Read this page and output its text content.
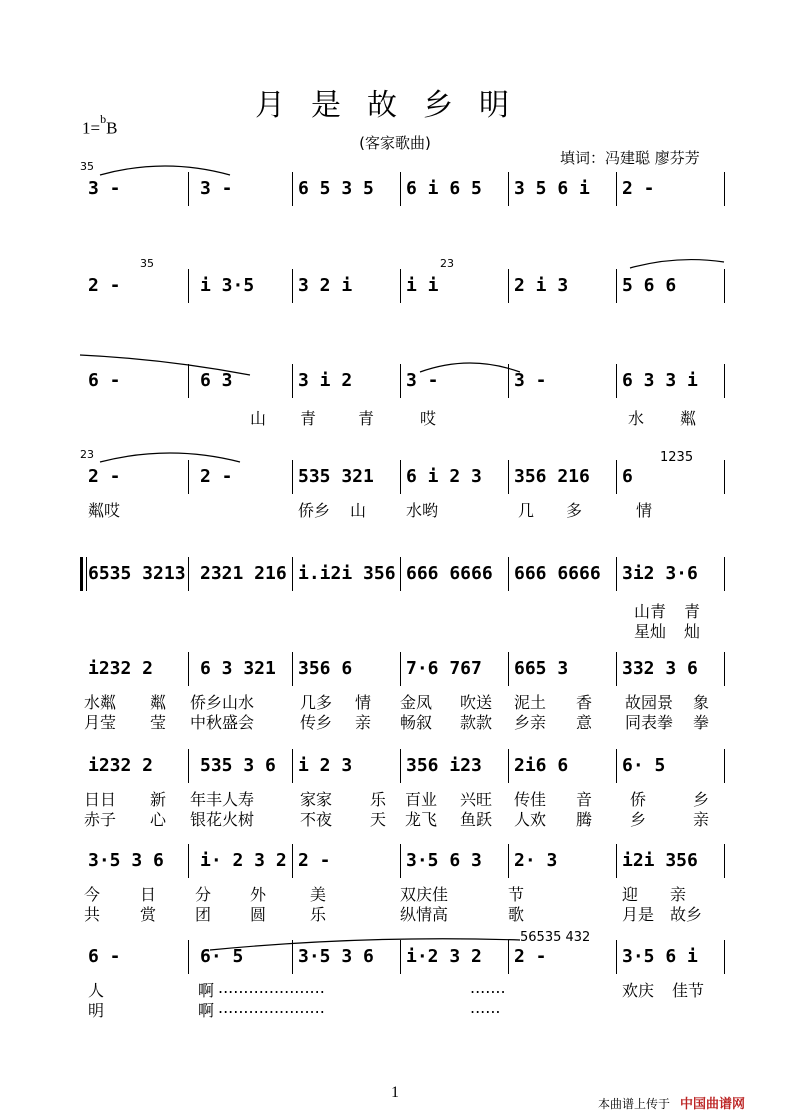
月是故乡明
1=$^b$B
(客家歌曲)
填词：冯建聪 廖芬芳
3 -	3 -	6 5 3 5 6 i 6 5 3 5 6 i 2 -
35
2 -	i 3·5 3 2 i	i i	2 i 3	5 6 6
35	23
6 -	6 3	3 i 2	3 -	3 -	6 3 3 i
山 青	青	哎	水 粼
2 -	2 -	535 321 6 i 2 3 356 216 6
23	1235
粼哎	侨乡 山 水哟	几 多	情
6535 3213 2321 216 i.i2i 356 666 6666 666 6666 3i2 3·6
山青 青
星灿 灿
i232 2	6 3 321 356 6	7·6 767 665 3	332 3 6
水粼 粼 侨乡山水	几多 情 金凤 吹送 泥土 香 故园景 象
月莹 莹 中秋盛会	传乡 亲 畅叙 款款 乡亲 意 同表拳 拳
i232 2	535 3 6 i 2 3	356 i23 2i6 6	6· 5
日日 新 年丰人寿	家家 乐 百业 兴旺 传佳 音 侨	乡
赤子 心 银花火树	不夜 天 龙飞 鱼跃 人欢 腾 乡	亲
3·5 3 6 i· 2 3 2 2 -	3·5 6 3 2· 3	i2i 356
今 日 分 外	美	双庆佳	节	迎 亲
共 赏 团 圆	乐	纵情高	歌	月是 故乡
6 -	6· 5	3·5 3 6 i·2 3 2 2 -	3·5 6 i
56535 432
人	啊 .....................	.......	欢庆 佳节
明	啊 .....................	......
1
本曲谱上传于 中国曲谱网
